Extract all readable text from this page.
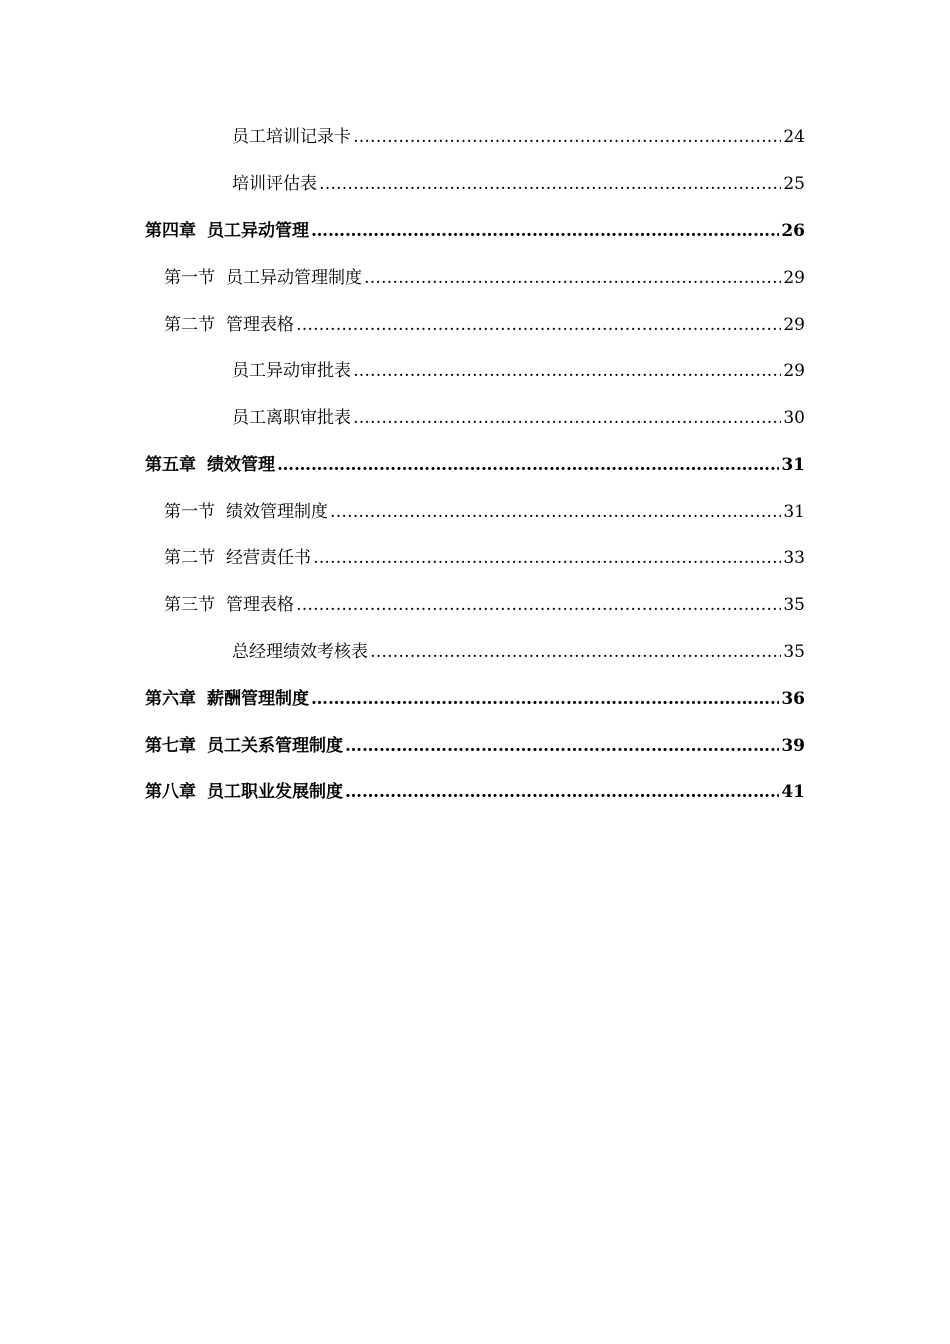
员工培训记录卡 …………………………………………………………………………………………………………………………………………………………………………………	24
培训评估表 …………………………………………………………………………………………………………………………………………………………………………………	25
第四章 员工异动管理 …………………………………………………………………………………………………………………………………………………………………………………	26
第一节 员工异动管理制度 …………………………………………………………………………………………………………………………………………………………………………………	29
第二节 管理表格 …………………………………………………………………………………………………………………………………………………………………………………	29
员工异动审批表 …………………………………………………………………………………………………………………………………………………………………………………	29
员工离职审批表 …………………………………………………………………………………………………………………………………………………………………………………	30
第五章 绩效管理 …………………………………………………………………………………………………………………………………………………………………………………	31
第一节 绩效管理制度 …………………………………………………………………………………………………………………………………………………………………………………	31
第二节 经营责任书 …………………………………………………………………………………………………………………………………………………………………………………	33
第三节 管理表格 …………………………………………………………………………………………………………………………………………………………………………………	35
总经理绩效考核表 …………………………………………………………………………………………………………………………………………………………………………………	35
第六章 薪酬管理制度 …………………………………………………………………………………………………………………………………………………………………………………	36
第七章 员工关系管理制度 …………………………………………………………………………………………………………………………………………………………………………………	39
第八章 员工职业发展制度 …………………………………………………………………………………………………………………………………………………………………………………	41
